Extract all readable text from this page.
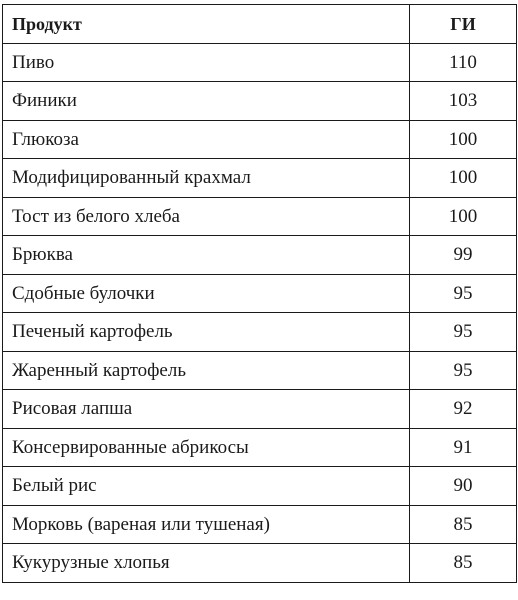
Продукт	ГИ
Пиво	110
Финики	103
Глюкоза	100
Модифицированный крахмал	100
Тост из белого хлеба	100
Брюква	99
Сдобные булочки	95
Печеный картофель	95
Жаренный картофель	95
Рисовая лапша	92
Консервированные абрикосы	91
Белый рис	90
Морковь (вареная или тушеная)	85
Кукурузные хлопья	85
